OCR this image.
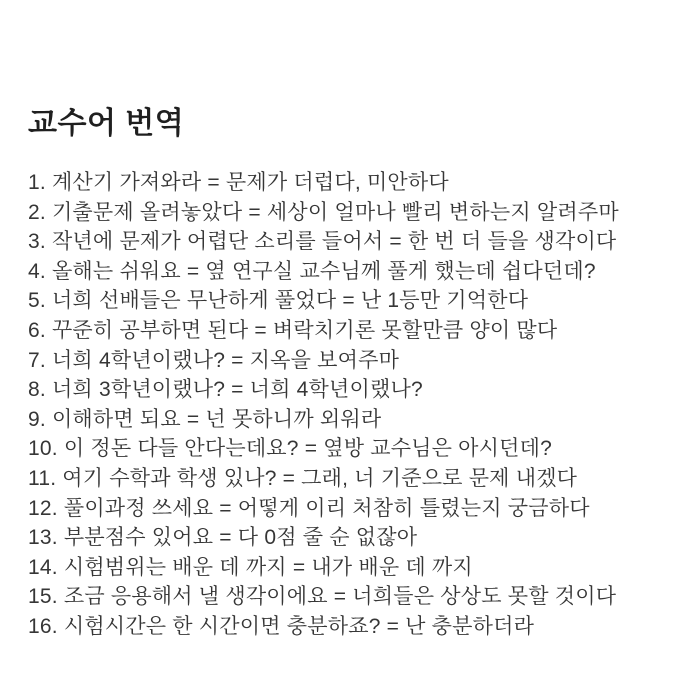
교수어 번역
1. 계산기 가져와라 = 문제가 더럽다, 미안하다
2. 기출문제 올려놓았다 = 세상이 얼마나 빨리 변하는지 알려주마
3. 작년에 문제가 어렵단 소리를 들어서 = 한 번 더 들을 생각이다
4. 올해는 쉬워요 = 옆 연구실 교수님께 풀게 했는데 쉽다던데?
5. 너희 선배들은 무난하게 풀었다 = 난 1등만 기억한다
6. 꾸준히 공부하면 된다 = 벼락치기론 못할만큼 양이 많다
7. 너희 4학년이랬나? = 지옥을 보여주마
8. 너희 3학년이랬나? = 너희 4학년이랬나?
9. 이해하면 되요 = 넌 못하니까 외워라
10. 이 정돈 다들 안다는데요? = 옆방 교수님은 아시던데?
11. 여기 수학과 학생 있나? = 그래, 너 기준으로 문제 내겠다
12. 풀이과정 쓰세요 = 어떻게 이리 처참히 틀렸는지 궁금하다
13. 부분점수 있어요 = 다 0점 줄 순 없잖아
14. 시험범위는 배운 데 까지 = 내가 배운 데 까지
15. 조금 응용해서 낼 생각이에요 = 너희들은 상상도 못할 것이다
16. 시험시간은 한 시간이면 충분하죠? = 난 충분하더라
